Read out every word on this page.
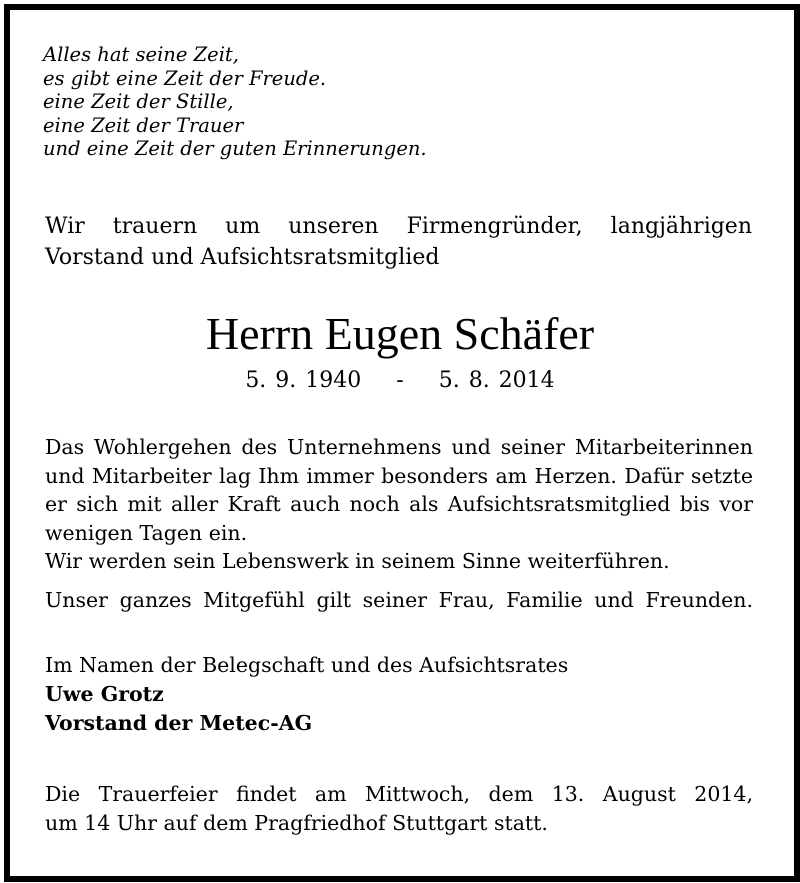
Alles hat seine Zeit,
es gibt eine Zeit der Freude.
eine Zeit der Stille,
eine Zeit der Trauer
und eine Zeit der guten Erinnerungen.
Wir trauern um unseren Firmengründer, langjährigen
Vorstand und Aufsichtsratsmitglied
Herrn Eugen Schäfer
5. 9. 1940 - 5. 8. 2014
Das Wohlergehen des Unternehmens und seiner Mitarbeiterinnen
und Mitarbeiter lag Ihm immer besonders am Herzen. Dafür setzte
er sich mit aller Kraft auch noch als Aufsichtsratsmitglied bis vor
wenigen Tagen ein.
Wir werden sein Lebenswerk in seinem Sinne weiterführen.
Unser ganzes Mitgefühl gilt seiner Frau, Familie und Freunden.
Im Namen der Belegschaft und des Aufsichtsrates
Uwe Grotz
Vorstand der Metec-AG
Die Trauerfeier findet am Mittwoch, dem 13. August 2014,
um 14 Uhr auf dem Pragfriedhof Stuttgart statt.
